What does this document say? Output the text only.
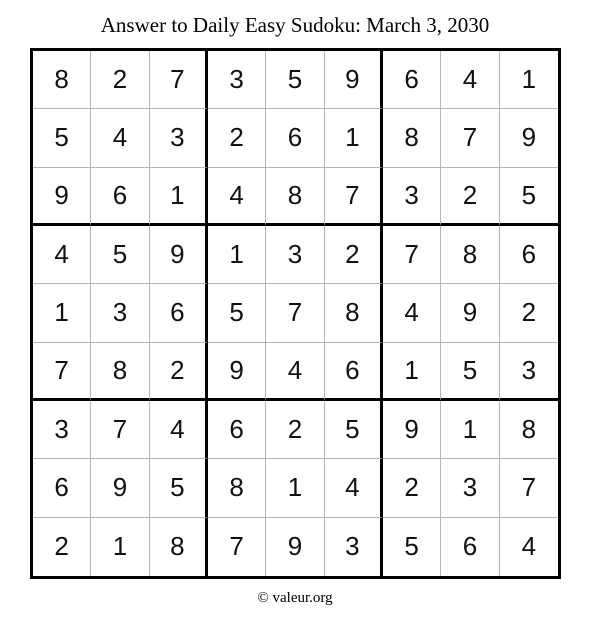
Answer to Daily Easy Sudoku: March 3, 2030
8	2	7	3	5	9	6	4	1
5	4	3	2	6	1	8	7	9
9	6	1	4	8	7	3	2	5
4	5	9	1	3	2	7	8	6
1	3	6	5	7	8	4	9	2
7	8	2	9	4	6	1	5	3
3	7	4	6	2	5	9	1	8
6	9	5	8	1	4	2	3	7
2	1	8	7	9	3	5	6	4
© valeur.org
